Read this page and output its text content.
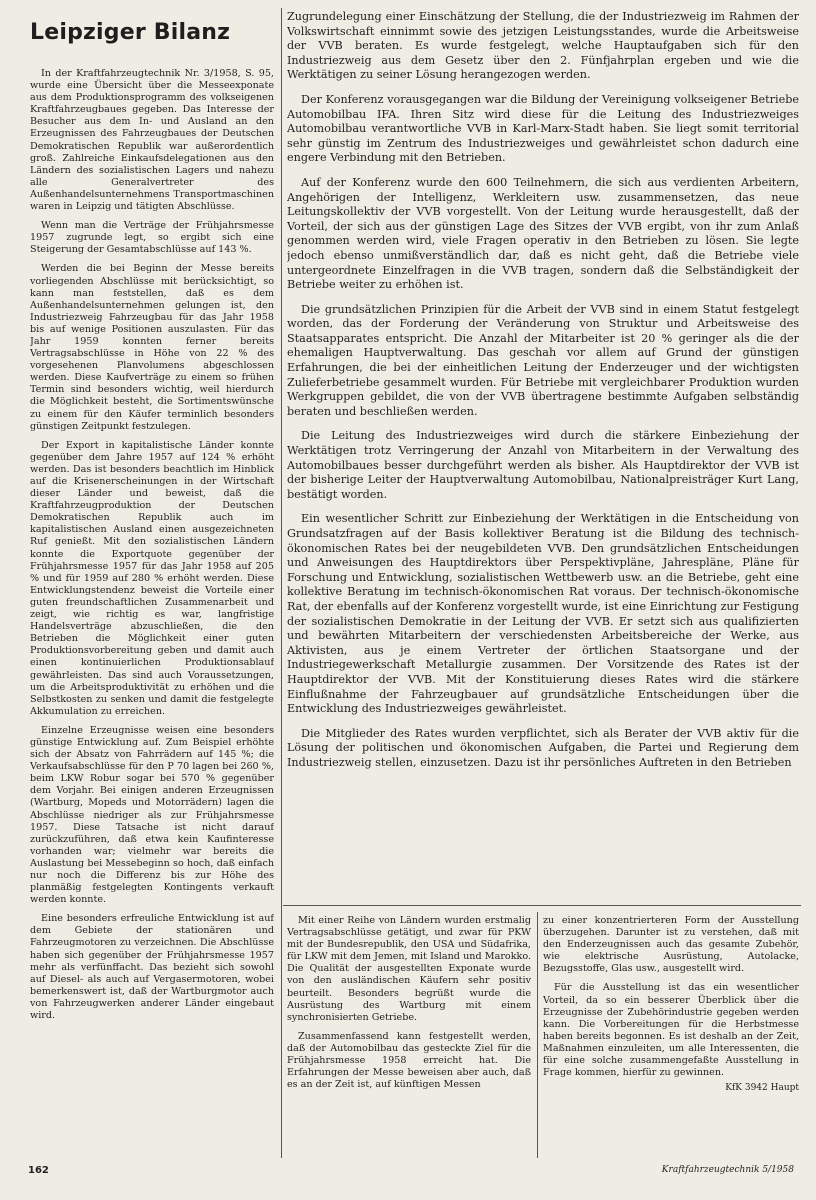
Leipziger Bilanz

In der Kraftfahrzeugtechnik Nr. 3/1958, S. 95, wurde eine Übersicht über die Messeexponate aus dem Produktionsprogramm des volkseigenen Kraftfahrzeugbaues gegeben. Das Interesse der Besucher aus dem In- und Ausland an den Erzeugnissen des Fahrzeugbaues der Deutschen Demokratischen Republik war außerordentlich groß. Zahlreiche Einkaufsdelegationen aus den Ländern des sozialistischen Lagers und nahezu alle Generalvertreter des Außenhandelsunternehmens Transportmaschinen waren in Leipzig und tätigten Abschlüsse.

Wenn man die Verträge der Frühjahrsmesse 1957 zugrunde legt, so ergibt sich eine Steigerung der Gesamtabschlüsse auf 143 %.

Werden die bei Beginn der Messe bereits vorliegenden Abschlüsse mit berücksichtigt, so kann man feststellen, daß es dem Außenhandelsunternehmen gelungen ist, den Industriezweig Fahrzeugbau für das Jahr 1958 bis auf wenige Positionen auszulasten. Für das Jahr 1959 konnten ferner bereits Vertragsabschlüsse in Höhe von 22 % des vorgesehenen Planvolumens abgeschlossen werden. Diese Kaufverträge zu einem so frühen Termin sind besonders wichtig, weil hierdurch die Möglichkeit besteht, die Sortimentswünsche zu einem für den Käufer terminlich besonders günstigen Zeitpunkt festzulegen.

Der Export in kapitalistische Länder konnte gegenüber dem Jahre 1957 auf 124 % erhöht werden. Das ist besonders beachtlich im Hinblick auf die Krisenerscheinungen in der Wirtschaft dieser Länder und beweist, daß die Kraftfahrzeugproduktion der Deutschen Demokratischen Republik auch im kapitalistischen Ausland einen ausgezeichneten Ruf genießt. Mit den sozialistischen Ländern konnte die Exportquote gegenüber der Frühjahrsmesse 1957 für das Jahr 1958 auf 205 % und für 1959 auf 280 % erhöht werden. Diese Entwicklungstendenz beweist die Vorteile einer guten freundschaftlichen Zusammenarbeit und zeigt, wie richtig es war, langfristige Handelsverträge abzuschließen, die den Betrieben die Möglichkeit einer guten Produktionsvorbereitung geben und damit auch einen kontinuierlichen Produktionsablauf gewährleisten. Das sind auch Voraussetzungen, um die Arbeitsproduktivität zu erhöhen und die Selbstkosten zu senken und damit die festgelegte Akkumulation zu erreichen.

Einzelne Erzeugnisse weisen eine besonders günstige Entwicklung auf. Zum Beispiel erhöhte sich der Absatz von Fahrrädern auf 145 %; die Verkaufsabschlüsse für den P 70 lagen bei 260 %, beim LKW Robur sogar bei 570 % gegenüber dem Vorjahr. Bei einigen anderen Erzeugnissen (Wartburg, Mopeds und Motorrädern) lagen die Abschlüsse niedriger als zur Frühjahrsmesse 1957. Diese Tatsache ist nicht darauf zurückzuführen, daß etwa kein Kaufinteresse vorhanden war; vielmehr war bereits die Auslastung bei Messebeginn so hoch, daß einfach nur noch die Differenz bis zur Höhe des planmäßig festgelegten Kontingents verkauft werden konnte.

Eine besonders erfreuliche Entwicklung ist auf dem Gebiete der stationären und Fahrzeugmotoren zu verzeichnen. Die Abschlüsse haben sich gegenüber der Frühjahrsmesse 1957 mehr als verfünffacht. Das bezieht sich sowohl auf Diesel- als auch auf Vergasermotoren, wobei bemerkenswert ist, daß der Wartburgmotor auch von Fahrzeugwerken anderer Länder eingebaut wird.

Zugrundelegung einer Einschätzung der Stellung, die der Industriezweig im Rahmen der Volkswirtschaft einnimmt sowie des jetzigen Leistungsstandes, wurde die Arbeitsweise der VVB beraten. Es wurde festgelegt, welche Hauptaufgaben sich für den Industriezweig aus dem Gesetz über den 2. Fünfjahrplan ergeben und wie die Werktätigen zu seiner Lösung herangezogen werden.

Der Konferenz vorausgegangen war die Bildung der Vereinigung volkseigener Betriebe Automobilbau IFA. Ihren Sitz wird diese für die Leitung des Industriezweiges Automobilbau verantwortliche VVB in Karl-Marx-Stadt haben. Sie liegt somit territorial sehr günstig im Zentrum des Industriezweiges und gewährleistet schon dadurch eine engere Verbindung mit den Betrieben.

Auf der Konferenz wurde den 600 Teilnehmern, die sich aus verdienten Arbeitern, Angehörigen der Intelligenz, Werkleitern usw. zusammensetzen, das neue Leitungskollektiv der VVB vorgestellt. Von der Leitung wurde herausgestellt, daß der Vorteil, der sich aus der günstigen Lage des Sitzes der VVB ergibt, von ihr zum Anlaß genommen werden wird, viele Fragen operativ in den Betrieben zu lösen. Sie legte jedoch ebenso unmißverständlich dar, daß es nicht geht, daß die Betriebe viele untergeordnete Einzelfragen in die VVB tragen, sondern daß die Selbständigkeit der Betriebe weiter zu erhöhen ist.

Die grundsätzlichen Prinzipien für die Arbeit der VVB sind in einem Statut festgelegt worden, das der Forderung der Veränderung von Struktur und Arbeitsweise des Staatsapparates entspricht. Die Anzahl der Mitarbeiter ist 20 % geringer als die der ehemaligen Hauptverwaltung. Das geschah vor allem auf Grund der günstigen Erfahrungen, die bei der einheitlichen Leitung der Enderzeuger und der wichtigsten Zulieferbetriebe gesammelt wurden. Für Betriebe mit vergleichbarer Produktion wurden Werkgruppen gebildet, die von der VVB übertragene bestimmte Aufgaben selbständig beraten und beschließen werden.

Die Leitung des Industriezweiges wird durch die stärkere Einbeziehung der Werktätigen trotz Verringerung der Anzahl von Mitarbeitern in der Verwaltung des Automobilbaues besser durchgeführt werden als bisher. Als Hauptdirektor der VVB ist der bisherige Leiter der Hauptverwaltung Automobilbau, Nationalpreisträger Kurt Lang, bestätigt worden.

Ein wesentlicher Schritt zur Einbeziehung der Werktätigen in die Entscheidung von Grundsatzfragen auf der Basis kollektiver Beratung ist die Bildung des technisch-ökonomischen Rates bei der neugebildeten VVB. Den grundsätzlichen Entscheidungen und Anweisungen des Hauptdirektors über Perspektivpläne, Jahrespläne, Pläne für Forschung und Entwicklung, sozialistischen Wettbewerb usw. an die Betriebe, geht eine kollektive Beratung im technisch-ökonomischen Rat voraus. Der technisch-ökonomische Rat, der ebenfalls auf der Konferenz vorgestellt wurde, ist eine Einrichtung zur Festigung der sozialistischen Demokratie in der Leitung der VVB. Er setzt sich aus qualifizierten und bewährten Mitarbeitern der verschiedensten Arbeitsbereiche der Werke, aus Aktivisten, aus je einem Vertreter der örtlichen Staatsorgane und der Industriegewerkschaft Metallurgie zusammen. Der Vorsitzende des Rates ist der Hauptdirektor der VVB. Mit der Konstituierung dieses Rates wird die stärkere Einflußnahme der Fahrzeugbauer auf grundsätzliche Entscheidungen über die Entwicklung des Industriezweiges gewährleistet.

Die Mitglieder des Rates wurden verpflichtet, sich als Berater der VVB aktiv für die Lösung der politischen und ökonomischen Aufgaben, die Partei und Regierung dem Industriezweig stellen, einzusetzen. Dazu ist ihr persönliches Auftreten in den Betrieben

Mit einer Reihe von Ländern wurden erstmalig Vertragsabschlüsse getätigt, und zwar für PKW mit der Bundesrepublik, den USA und Südafrika, für LKW mit dem Jemen, mit Island und Marokko. Die Qualität der ausgestellten Exponate wurde von den ausländischen Käufern sehr positiv beurteilt. Besonders begrüßt wurde die Ausrüstung des Wartburg mit einem synchronisierten Getriebe.

Zusammenfassend kann festgestellt werden, daß der Automobilbau das gesteckte Ziel für die Frühjahrsmesse 1958 erreicht hat. Die Erfahrungen der Messe beweisen aber auch, daß es an der Zeit ist, auf künftigen Messen

zu einer konzentrierteren Form der Ausstellung überzugehen. Darunter ist zu verstehen, daß mit den Enderzeugnissen auch das gesamte Zubehör, wie elektrische Ausrüstung, Autolacke, Bezugsstoffe, Glas usw., ausgestellt wird.

Für die Ausstellung ist das ein wesentlicher Vorteil, da so ein besserer Überblick über die Erzeugnisse der Zubehörindustrie gegeben werden kann. Die Vorbereitungen für die Herbstmesse haben bereits begonnen. Es ist deshalb an der Zeit, Maßnahmen einzuleiten, um alle Interessenten, die für eine solche zusammengefaßte Ausstellung in Frage kommen, hierfür zu gewinnen.

KfK 3942 Haupt
162	Kraftfahrzeugtechnik 5/1958
